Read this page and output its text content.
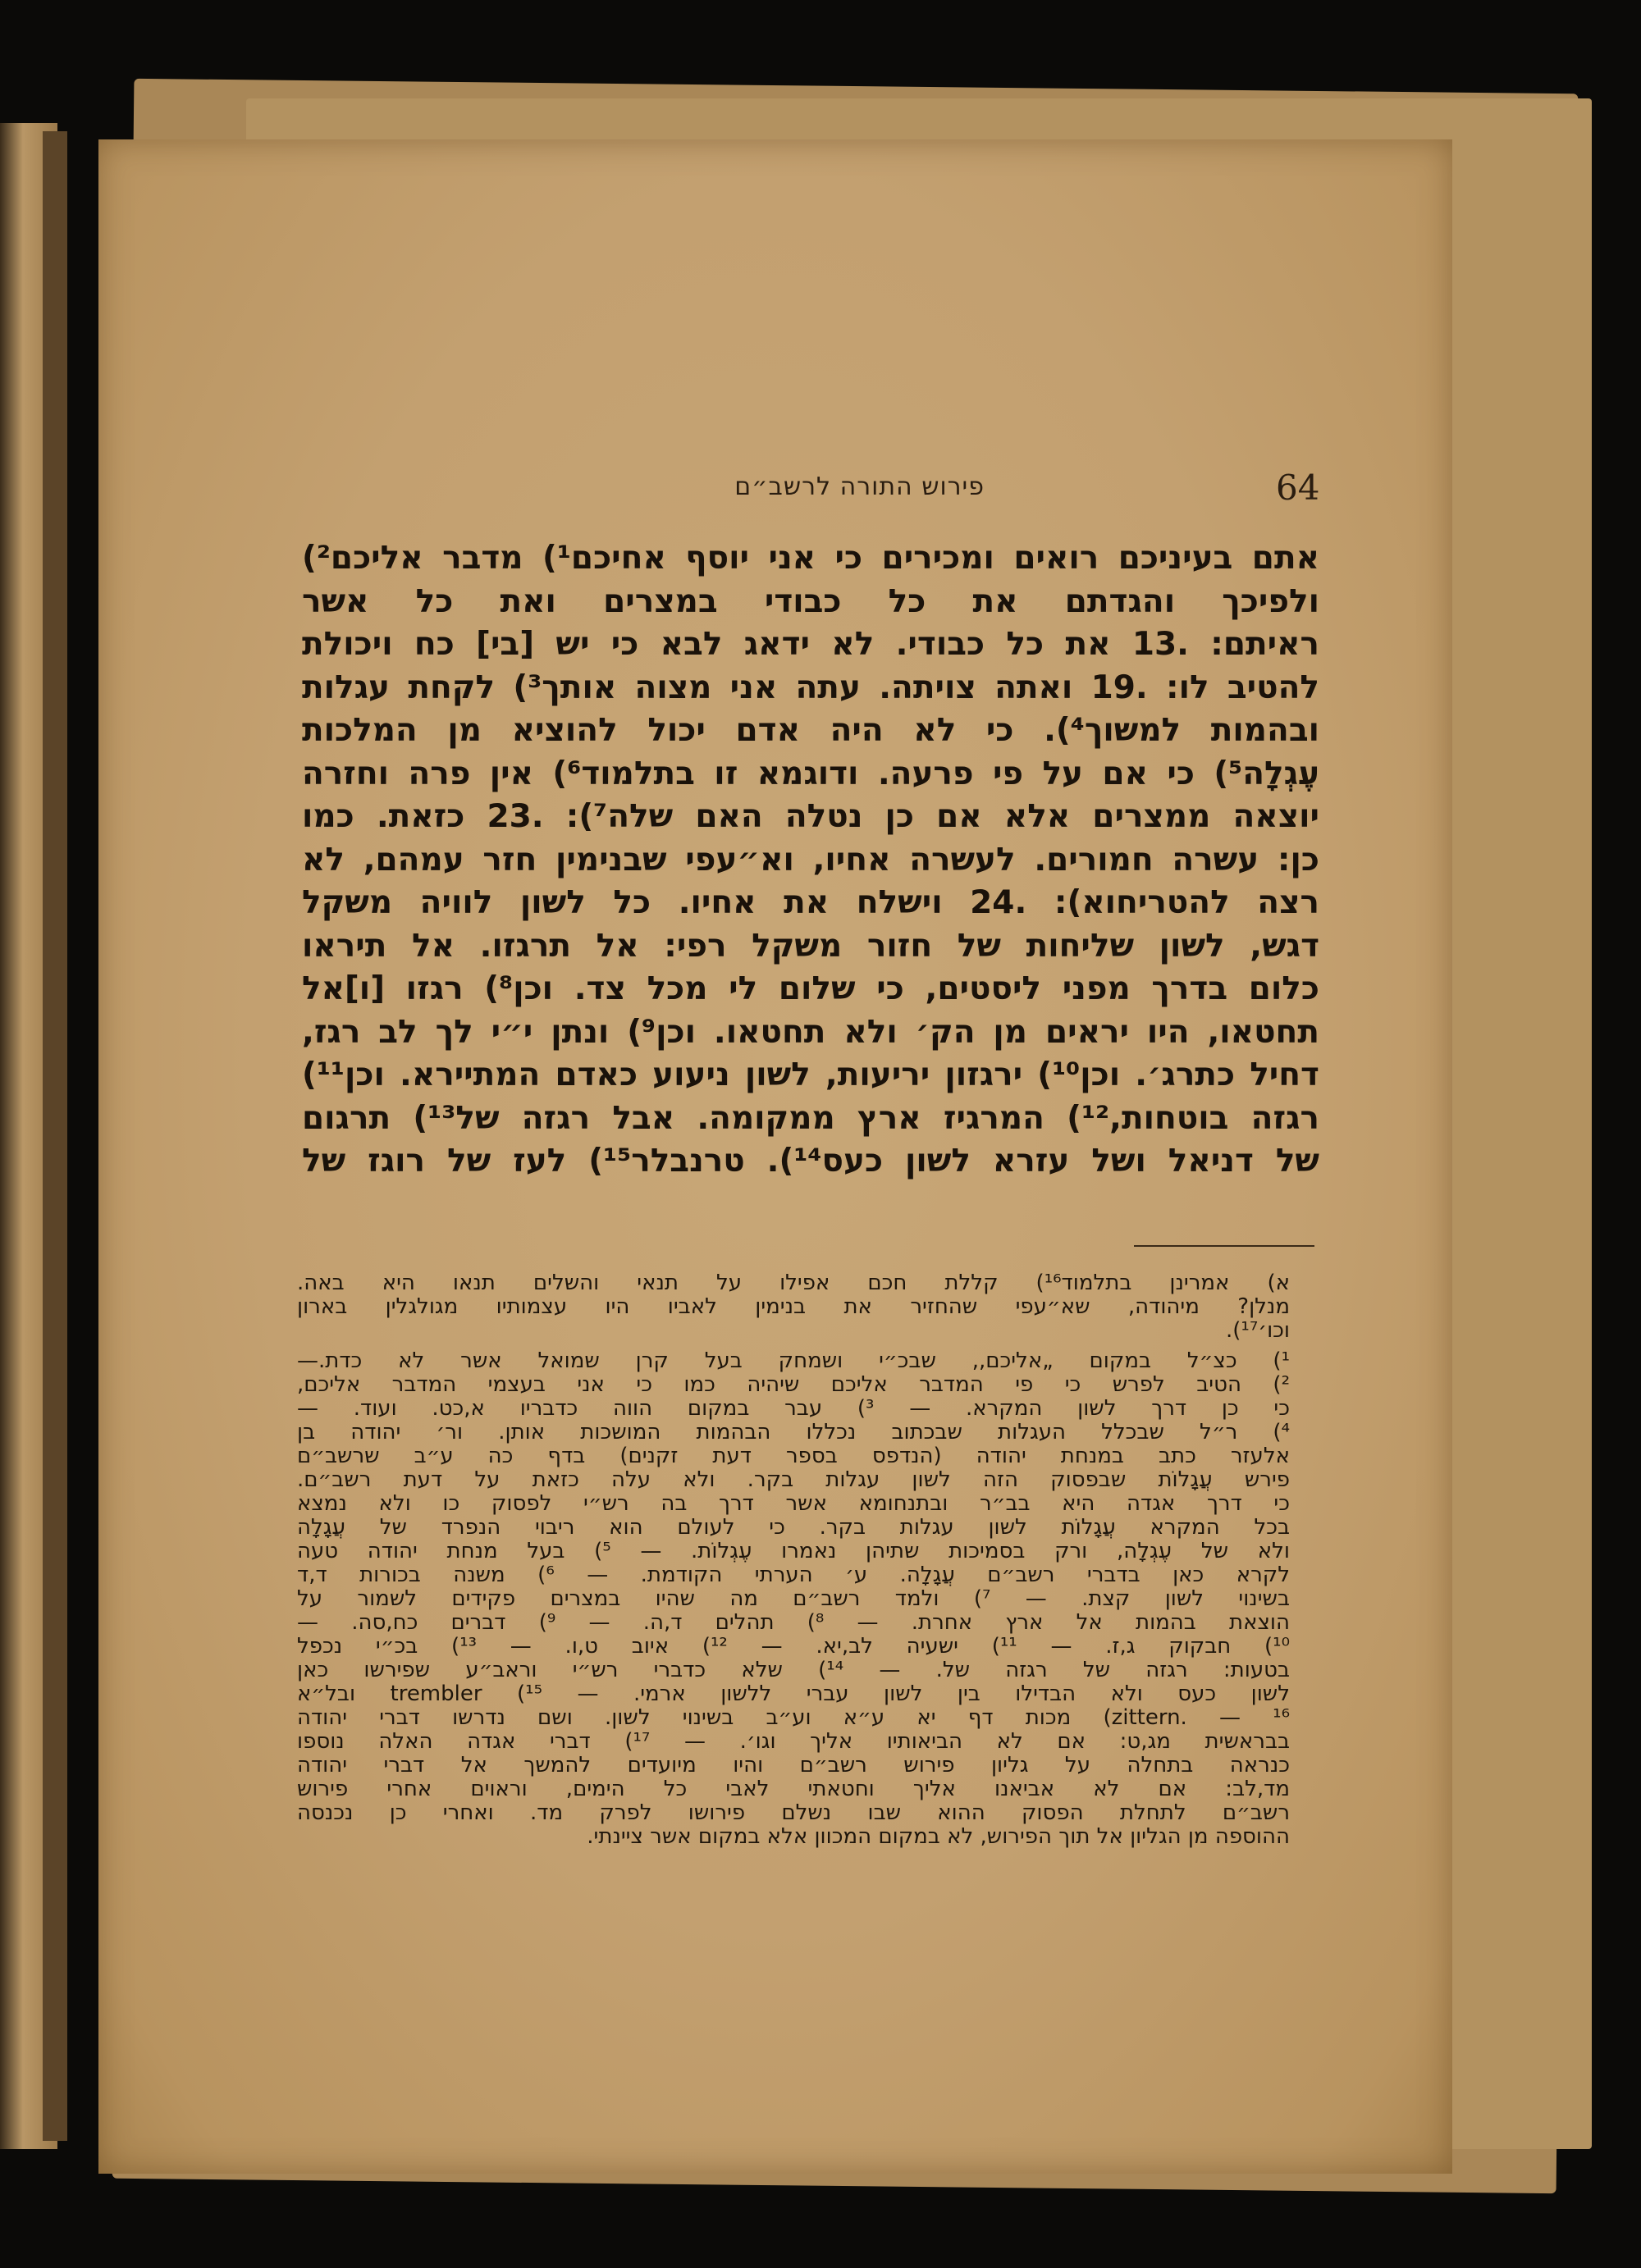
64
פירוש התורה לרשב״ם

אתם בעיניכם רואים ומכירים כי אני יוסף אחיכם¹) מדבר אליכם²)

ולפיכך והגדתם את כל כבודי במצרים ואת כל אשר

ראיתם: .13 את כל כבודי. לא ידאג לבא כי יש [בי] כח ויכולת

להטיב לו: .19 ואתה צויתה. עתה אני מצוה אותך³) לקחת עגלות

ובהמות למשוך⁴). כי לא היה אדם יכול להוציא מן המלכות

עֶגְלָה⁵) כי אם על פי פרעה. ודוגמא זו בתלמוד⁶) אין פרה וחזרה

יוצאה ממצרים אלא אם כן נטלה האם שלה⁷): .23 כזאת. כמו

כן: עשרה חמורים. לעשרה אחיו, וא״עפי שבנימין חזר עמהם, לא

רצה להטריחוא): .24 וישלח את אחיו. כל לשון לוויה משקל

דגש, לשון שליחות של חזור משקל רפי: אל תרגזו. אל תיראו

כלום בדרך מפני ליסטים, כי שלום לי מכל צד. וכן⁸) רגזו [ו]אל

תחטאו, היו יראים מן הק׳ ולא תחטאו. וכן⁹) ונתן י״י לך לב רגז,

דחיל כתרג׳. וכן¹⁰) ירגזון יריעות, לשון ניעוע כאדם המתיירא. וכן¹¹)

רגזה בוטחות,¹²) המרגיז ארץ ממקומה. אבל רגזה של¹³) תרגום

של דניאל ושל עזרא לשון כעס¹⁴). טרנבלר¹⁵) לעז של רוגז של

א) אמרינן בתלמוד¹⁶) קללת חכם אפילו על תנאי והשלים תנאו היא באה.

מנלן? מיהודה, שא״עפי שהחזיר את בנימין לאביו היו עצמותיו מגולגלין בארון

וכו׳¹⁷).

¹) כצ״ל במקום „אליכם,, שבכ״י ושמחק בעל קרן שמואל אשר לא כדת.—

²) הטיב לפרש כי פי המדבר אליכם שיהיה כמו כי אני בעצמי המדבר אליכם,

כי כן דרך לשון המקרא. — ³) עבר במקום הווה כדבריו א,כט. ועוד. —

⁴) ר״ל שבכלל העגלות שבכתוב נכללו הבהמות המושכות אותן. ור׳ יהודה בן

אלעזר כתב במנחת יהודה (הנדפס בספר דעת זקנים) בדף כה ע״ב שרשב״ם

פירש עֲגָלוֹת שבפסוק הזה לשון עגלות בקר. ולא עלה כזאת על דעת רשב״ם.

כי דרך אגדה היא בב״ר ובתנחומא אשר דרך בה רש״י לפסוק כו ולא נמצא

בכל המקרא עֲגָלוֹת לשון עגלות בקר. כי לעולם הוא ריבוי הנפרד של עֲגָלָה

ולא של עֶגְלָה, ורק בסמיכות שתיהן נאמרו עֶגְלוֹת. — ⁵) בעל מנחת יהודה טעה

לקרא כאן בדברי רשב״ם עֲגָלָה. ע׳ הערתי הקודמת. — ⁶) משנה בכורות ד,ד

בשינוי לשון קצת. — ⁷) ולמד רשב״ם מה שהיו במצרים פקידים לשמור על

הוצאת בהמות אל ארץ אחרת. — ⁸) תהלים ד,ה. — ⁹) דברים כח,סה. —

¹⁰) חבקוק ג,ז. — ¹¹) ישעיה לב,יא. — ¹²) איוב ט,ו. — ¹³) בכ״י נכפל

בטעות: רגזה של רגזה של. — ¹⁴) שלא כדברי רש״י וראב״ע שפירשו כאן

לשון כעס ולא הבדילו בין לשון עברי ללשון ארמי. — ¹⁵) trembler ובל״א

zittern. — ¹⁶) מכות דף יא ע״א וע״ב בשינוי לשון. ושם נדרשו דברי יהודה

בבראשית מג,ט: אם לא הביאותיו אליך וגו׳. — ¹⁷) דברי אגדה האלה נוספו

כנראה בתחלה על גליון פירוש רשב״ם והיו מיועדים להמשך אל דברי יהודה

מד,לב: אם לא אביאנו אליך וחטאתי לאבי כל הימים, וראוים אחרי פירוש

רשב״ם לתחלת הפסוק ההוא שבו נשלם פירושו לפרק מד. ואחרי כן נכנסה

ההוספה מן הגליון אל תוך הפירוש, לא במקום המכוון אלא במקום אשר ציינתי.
